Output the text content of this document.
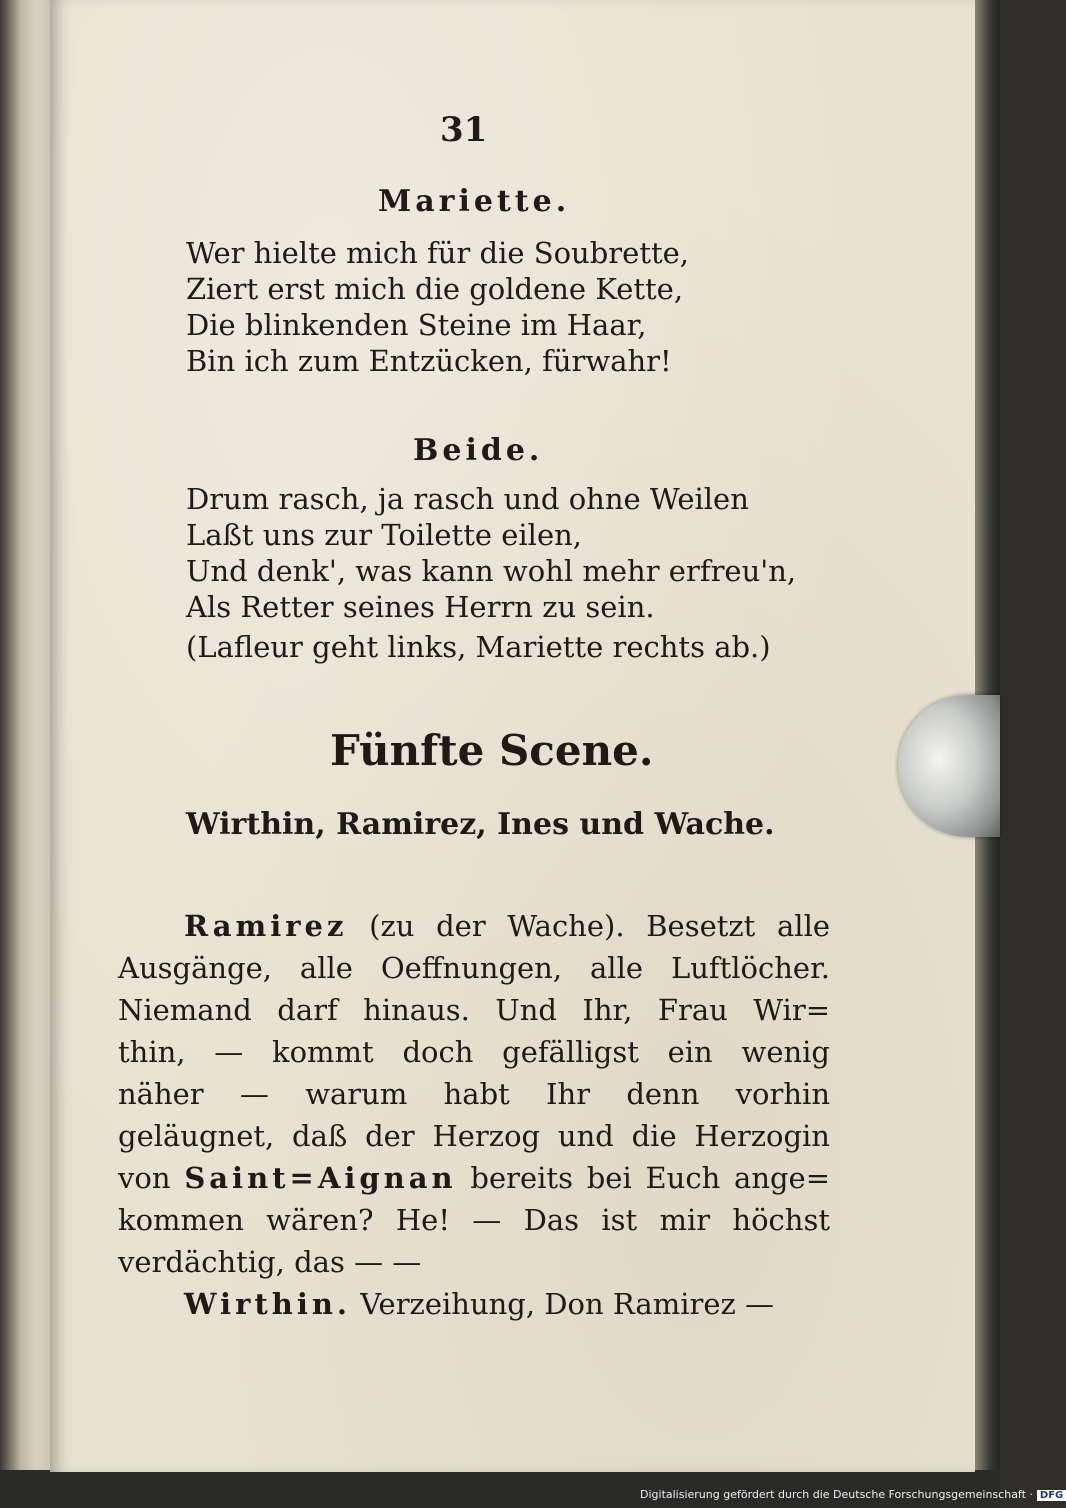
31
Mariette.
Wer hielte mich für die Soubrette,
Ziert erst mich die goldene Kette,
Die blinkenden Steine im Haar,
Bin ich zum Entzücken, fürwahr!
Beide.
Drum rasch, ja rasch und ohne Weilen
Laßt uns zur Toilette eilen,
Und denk', was kann wohl mehr erfreu'n,
Als Retter seines Herrn zu sein.
(Lafleur geht links, Mariette rechts ab.)
Fünfte Scene.
Wirthin, Ramirez, Ines und Wache.
Ramirez (zu der Wache). Besetzt alle
Ausgänge, alle Oeffnungen, alle Luftlöcher.
Niemand darf hinaus. Und Ihr, Frau Wir=
thin, — kommt doch gefälligst ein wenig
näher — warum habt Ihr denn vorhin
geläugnet, daß der Herzog und die Herzogin
von Saint=Aignan bereits bei Euch ange=
kommen wären? He! — Das ist mir höchst
verdächtig, das — —
Wirthin. Verzeihung, Don Ramirez —
Digitalisierung gefördert durch die Deutsche Forschungsgemeinschaft · DFG
